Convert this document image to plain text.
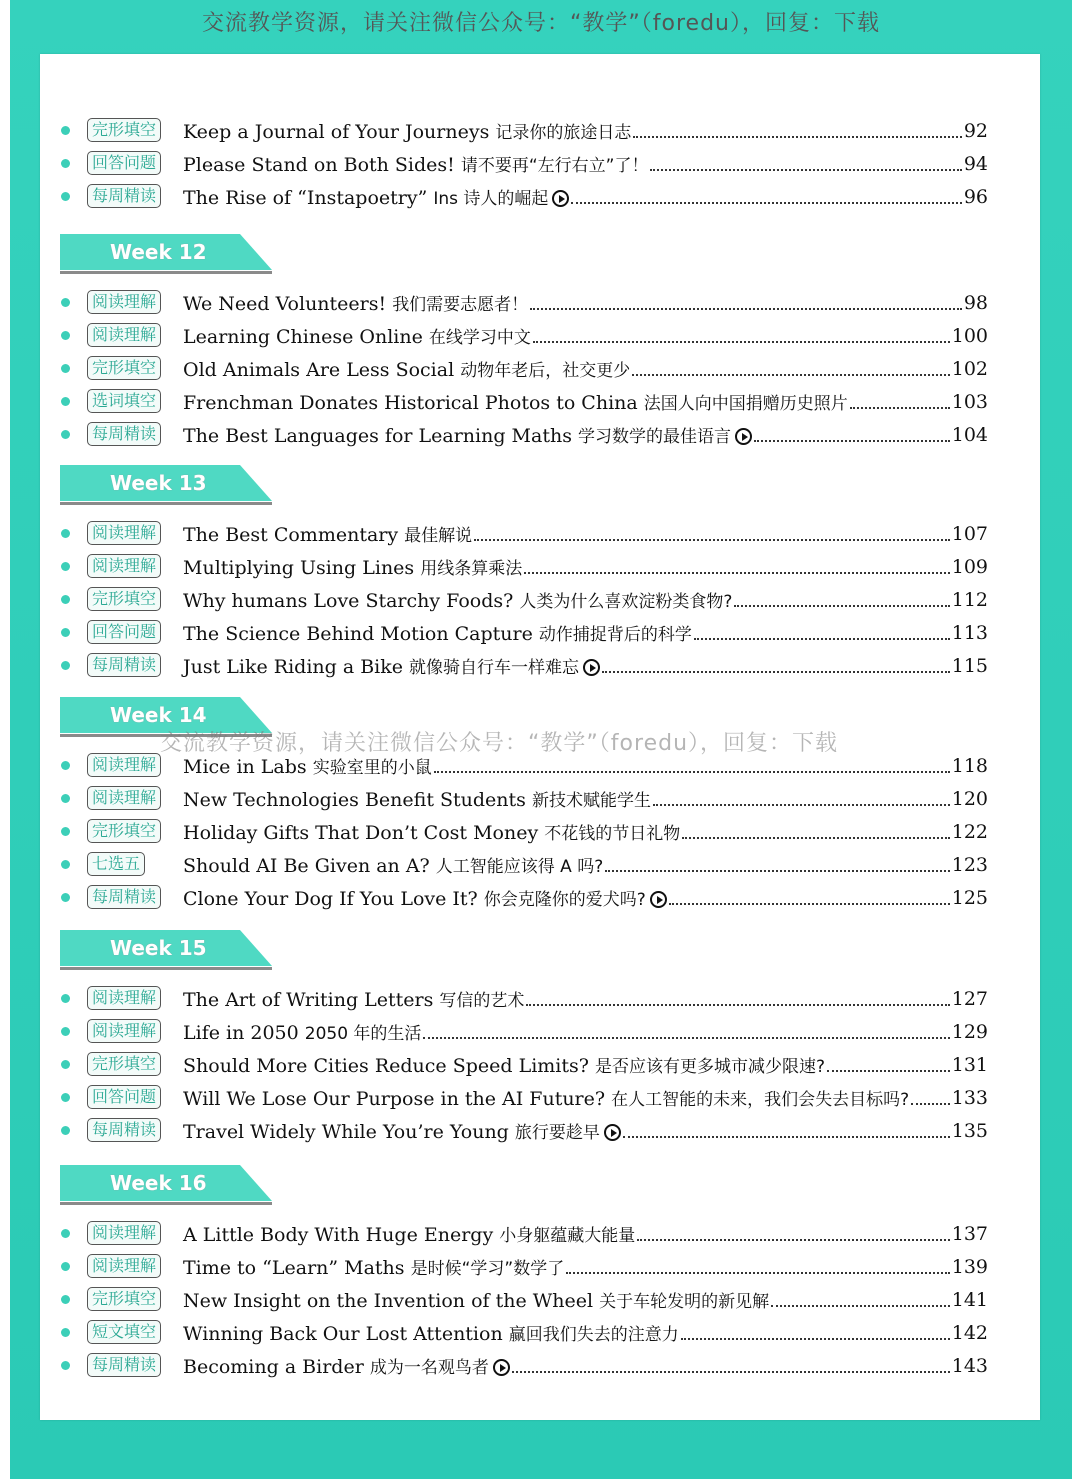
交流教学资源，请关注微信公众号：“教学”（foredu），回复：下载
完形填空 Keep a Journal of Your Journeys 记录你的旅途日志	92
回答问题 Please Stand on Both Sides! 请不要再“左行右立”了！	94
每周精读 The Rise of “Instapoetry” Ins 诗人的崛起	96
Week 12
阅读理解 We Need Volunteers! 我们需要志愿者！	98
阅读理解 Learning Chinese Online 在线学习中文	100
完形填空 Old Animals Are Less Social 动物年老后，社交更少	102
选词填空 Frenchman Donates Historical Photos to China 法国人向中国捐赠历史照片	103
每周精读 The Best Languages for Learning Maths 学习数学的最佳语言	104
Week 13
阅读理解 The Best Commentary 最佳解说	107
阅读理解 Multiplying Using Lines 用线条算乘法	109
完形填空 Why humans Love Starchy Foods? 人类为什么喜欢淀粉类食物?	112
回答问题 The Science Behind Motion Capture 动作捕捉背后的科学	113
每周精读 Just Like Riding a Bike 就像骑自行车一样难忘	115
Week 14
阅读理解 Mice in Labs 实验室里的小鼠	118
阅读理解 New Technologies Benefit Students 新技术赋能学生	120
完形填空 Holiday Gifts That Don’t Cost Money 不花钱的节日礼物	122
七选五 Should AI Be Given an A? 人工智能应该得 A 吗?	123
每周精读 Clone Your Dog If You Love It? 你会克隆你的爱犬吗?	125
Week 15
阅读理解 The Art of Writing Letters 写信的艺术	127
阅读理解 Life in 2050 2050 年的生活	129
完形填空 Should More Cities Reduce Speed Limits? 是否应该有更多城市减少限速?	131
回答问题 Will We Lose Our Purpose in the AI Future? 在人工智能的未来，我们会失去目标吗? 133
每周精读 Travel Widely While You’re Young 旅行要趁早	135
Week 16
阅读理解 A Little Body With Huge Energy 小身躯蕴藏大能量	137
阅读理解 Time to “Learn” Maths 是时候“学习”数学了	139
完形填空 New Insight on the Invention of the Wheel 关于车轮发明的新见解	141
短文填空 Winning Back Our Lost Attention 赢回我们失去的注意力	142
每周精读 Becoming a Birder 成为一名观鸟者	143
交流教学资源，请关注微信公众号：“教学”（foredu），回复：下载
